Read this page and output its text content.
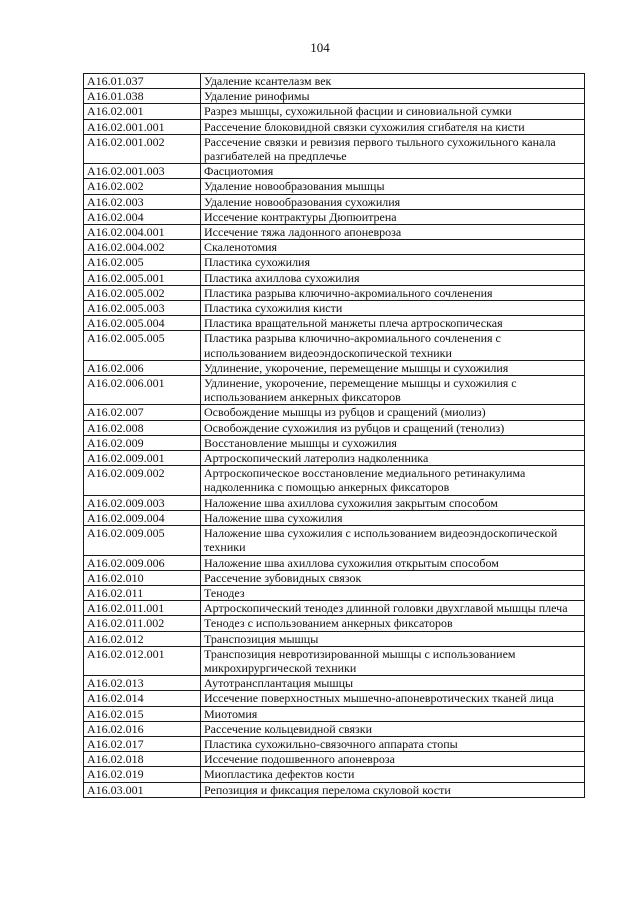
104
A16.01.037	Удаление ксантелазм век
A16.01.038	Удаление ринофимы
A16.02.001	Разрез мышцы, сухожильной фасции и синовиальной сумки
A16.02.001.001	Рассечение блоковидной связки сухожилия сгибателя на кисти
A16.02.001.002	Рассечение связки и ревизия первого тыльного сухожильного канала разгибателей на предплечье
A16.02.001.003	Фасциотомия
A16.02.002	Удаление новообразования мышцы
A16.02.003	Удаление новообразования сухожилия
A16.02.004	Иссечение контрактуры Дюпюитрена
A16.02.004.001	Иссечение тяжа ладонного апоневроза
A16.02.004.002	Скаленотомия
A16.02.005	Пластика сухожилия
A16.02.005.001	Пластика ахиллова сухожилия
A16.02.005.002	Пластика разрыва ключично-акромиального сочленения
A16.02.005.003	Пластика сухожилия кисти
A16.02.005.004	Пластика вращательной манжеты плеча артроскопическая
A16.02.005.005	Пластика разрыва ключично-акромиального сочленения с использованием видеоэндоскопической техники
A16.02.006	Удлинение, укорочение, перемещение мышцы и сухожилия
A16.02.006.001	Удлинение, укорочение, перемещение мышцы и сухожилия с использованием анкерных фиксаторов
A16.02.007	Освобождение мышцы из рубцов и сращений (миолиз)
A16.02.008	Освобождение сухожилия из рубцов и сращений (тенолиз)
A16.02.009	Восстановление мышцы и сухожилия
A16.02.009.001	Артроскопический латеролиз надколенника
A16.02.009.002	Артроскопическое восстановление медиального ретинакулима надколенника с помощью анкерных фиксаторов
A16.02.009.003	Наложение шва ахиллова сухожилия закрытым способом
A16.02.009.004	Наложение шва сухожилия
A16.02.009.005	Наложение шва сухожилия с использованием видеоэндоскопической техники
A16.02.009.006	Наложение шва ахиллова сухожилия открытым способом
A16.02.010	Рассечение зубовидных связок
A16.02.011	Тенодез
A16.02.011.001	Артроскопический тенодез длинной головки двухглавой мышцы плеча
A16.02.011.002	Тенодез с использованием анкерных фиксаторов
A16.02.012	Транспозиция мышцы
A16.02.012.001	Транспозиция невротизированной мышцы с использованием микрохирургической техники
A16.02.013	Аутотрансплантация мышцы
A16.02.014	Иссечение поверхностных мышечно-апоневротических тканей лица
A16.02.015	Миотомия
A16.02.016	Рассечение кольцевидной связки
A16.02.017	Пластика сухожильно-связочного аппарата стопы
A16.02.018	Иссечение подошвенного апоневроза
A16.02.019	Миопластика дефектов кости
A16.03.001	Репозиция и фиксация перелома скуловой кости
